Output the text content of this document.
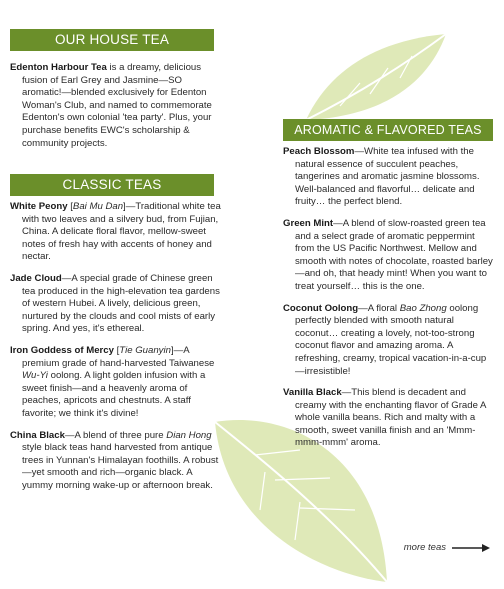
OUR HOUSE TEA

Edenton Harbour Tea is a dreamy, delicious fusion of Earl Grey and Jasmine—SO aromatic!—blended exclusively for Edenton Woman's Club, and named to commemorate Edenton's own colonial 'tea party'. Plus, your purchase benefits EWC's scholarship & community projects.

CLASSIC TEAS

White Peony [Bai Mu Dan]—Traditional white tea with two leaves and a silvery bud, from Fujian, China. A delicate floral flavor, mellow-sweet notes of fresh hay with accents of honey and nectar.

Jade Cloud—A special grade of Chinese green tea produced in the high-elevation tea gardens of western Hubei. A lively, delicious green, nurtured by the clouds and cool mists of early spring. And yes, it's ethereal.

Iron Goddess of Mercy [Tie Guanyin]—A premium grade of hand-harvested Taiwanese Wu-Yi oolong. A light golden infusion with a sweet finish—and a heavenly aroma of peaches, apricots and chestnuts. A staff favorite; we think it's divine!

China Black—A blend of three pure Dian Hong style black teas hand harvested from antique trees in Yunnan's Himalayan foothills. A robust—yet smooth and rich—organic black. A yummy morning wake-up or afternoon break.

AROMATIC & FLAVORED TEAS

Peach Blossom—White tea infused with the natural essence of succulent peaches, tangerines and aromatic jasmine blossoms. Well-balanced and flavorful… delicate and fruity… the perfect blend.

Green Mint—A blend of slow-roasted green tea and a select grade of aromatic peppermint from the US Pacific Northwest. Mellow and smooth with notes of chocolate, roasted barley—and oh, that heady mint! When you want to treat yourself… this is the one.

Coconut Oolong—A floral Bao Zhong oolong perfectly blended with smooth natural coconut… creating a lovely, not-too-strong coconut flavor and amazing aroma. A refreshing, creamy, tropical vacation-in-a-cup—irresistible!

Vanilla Black—This blend is decadent and creamy with the enchanting flavor of Grade A whole vanilla beans. Rich and malty with a smooth, sweet vanilla finish and an 'Mmm-mmm-mmm' aroma.

more teas
